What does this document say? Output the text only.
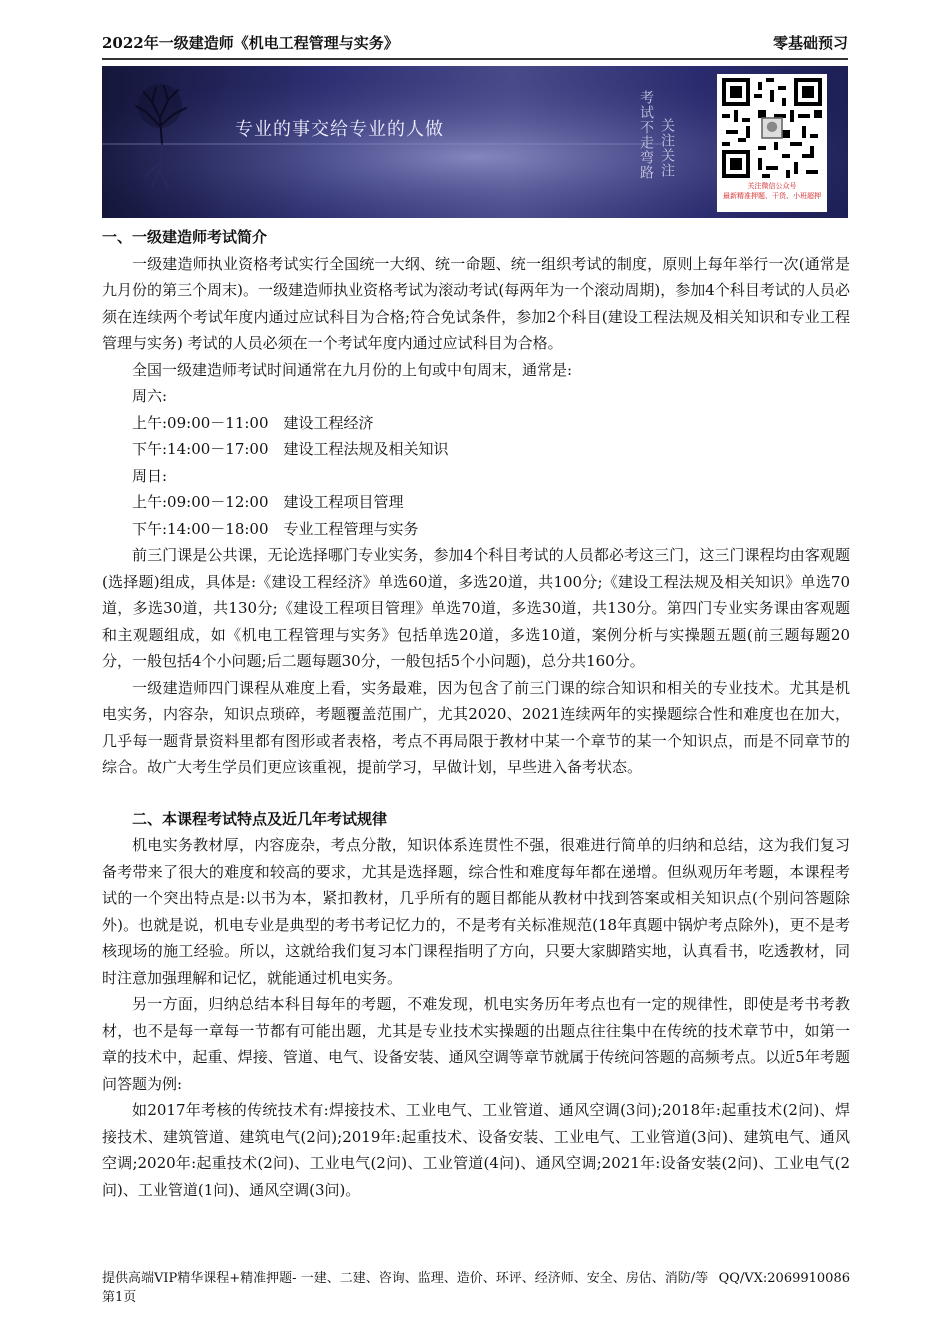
2022年一级建造师《机电工程管理与实务》	零基础预习
专业的事交给专业的人做	考试不走弯路 关注关注
关注微信公众号
最新精准押题、干货、小班超押

一、一级建造师考试简介

一级建造师执业资格考试实行全国统一大纲、统一命题、统一组织考试的制度，原则上每年举行一次(通常是九月份的第三个周末)。一级建造师执业资格考试为滚动考试(每两年为一个滚动周期)，参加4个科目考试的人员必须在连续两个考试年度内通过应试科目为合格;符合免试条件，参加2个科目(建设工程法规及相关知识和专业工程管理与实务) 考试的人员必须在一个考试年度内通过应试科目为合格。

全国一级建造师考试时间通常在九月份的上旬或中旬周末，通常是:

周六:

上午:09:00－11:00　建设工程经济

下午:14:00－17:00　建设工程法规及相关知识

周日:

上午:09:00－12:00　建设工程项目管理

下午:14:00－18:00　专业工程管理与实务

前三门课是公共课，无论选择哪门专业实务，参加4个科目考试的人员都必考这三门，这三门课程均由客观题(选择题)组成，具体是:《建设工程经济》单选60道，多选20道，共100分;《建设工程法规及相关知识》单选70道，多选30道，共130分;《建设工程项目管理》单选70道，多选30道，共130分。第四门专业实务课由客观题和主观题组成，如《机电工程管理与实务》包括单选20道，多选10道，案例分析与实操题五题(前三题每题20分，一般包括4个小问题;后二题每题30分，一般包括5个小问题)，总分共160分。

一级建造师四门课程从难度上看，实务最难，因为包含了前三门课的综合知识和相关的专业技术。尤其是机电实务，内容杂，知识点琐碎，考题覆盖范围广，尤其2020、2021连续两年的实操题综合性和难度也在加大，几乎每一题背景资料里都有图形或者表格，考点不再局限于教材中某一个章节的某一个知识点，而是不同章节的综合。故广大考生学员们更应该重视，提前学习，早做计划，早些进入备考状态。

二、本课程考试特点及近几年考试规律

机电实务教材厚，内容庞杂，考点分散，知识体系连贯性不强，很难进行简单的归纳和总结，这为我们复习备考带来了很大的难度和较高的要求，尤其是选择题，综合性和难度每年都在递增。但纵观历年考题，本课程考试的一个突出特点是:以书为本，紧扣教材，几乎所有的题目都能从教材中找到答案或相关知识点(个别问答题除外)。也就是说，机电专业是典型的考书考记忆力的，不是考有关标准规范(18年真题中锅炉考点除外)，更不是考核现场的施工经验。所以，这就给我们复习本门课程指明了方向，只要大家脚踏实地，认真看书，吃透教材，同时注意加强理解和记忆，就能通过机电实务。

另一方面，归纳总结本科目每年的考题，不难发现，机电实务历年考点也有一定的规律性，即使是考书考教材，也不是每一章每一节都有可能出题，尤其是专业技术实操题的出题点往往集中在传统的技术章节中，如第一章的技术中，起重、焊接、管道、电气、设备安装、通风空调等章节就属于传统问答题的高频考点。以近5年考题问答题为例:

如2017年考核的传统技术有:焊接技术、工业电气、工业管道、通风空调(3问);2018年:起重技术(2问)、焊接技术、建筑管道、建筑电气(2问);2019年:起重技术、设备安装、工业电气、工业管道(3问)、建筑电气、通风空调;2020年:起重技术(2问)、工业电气(2问)、工业管道(4问)、通风空调;2021年:设备安装(2问)、工业电气(2问)、工业管道(1问)、通风空调(3问)。

提供高端VIP精华课程+精准押题- 一建、二建、咨询、监理、造价、环评、经济师、安全、房估、消防/等 QQ/VX:2069910086
第1页
